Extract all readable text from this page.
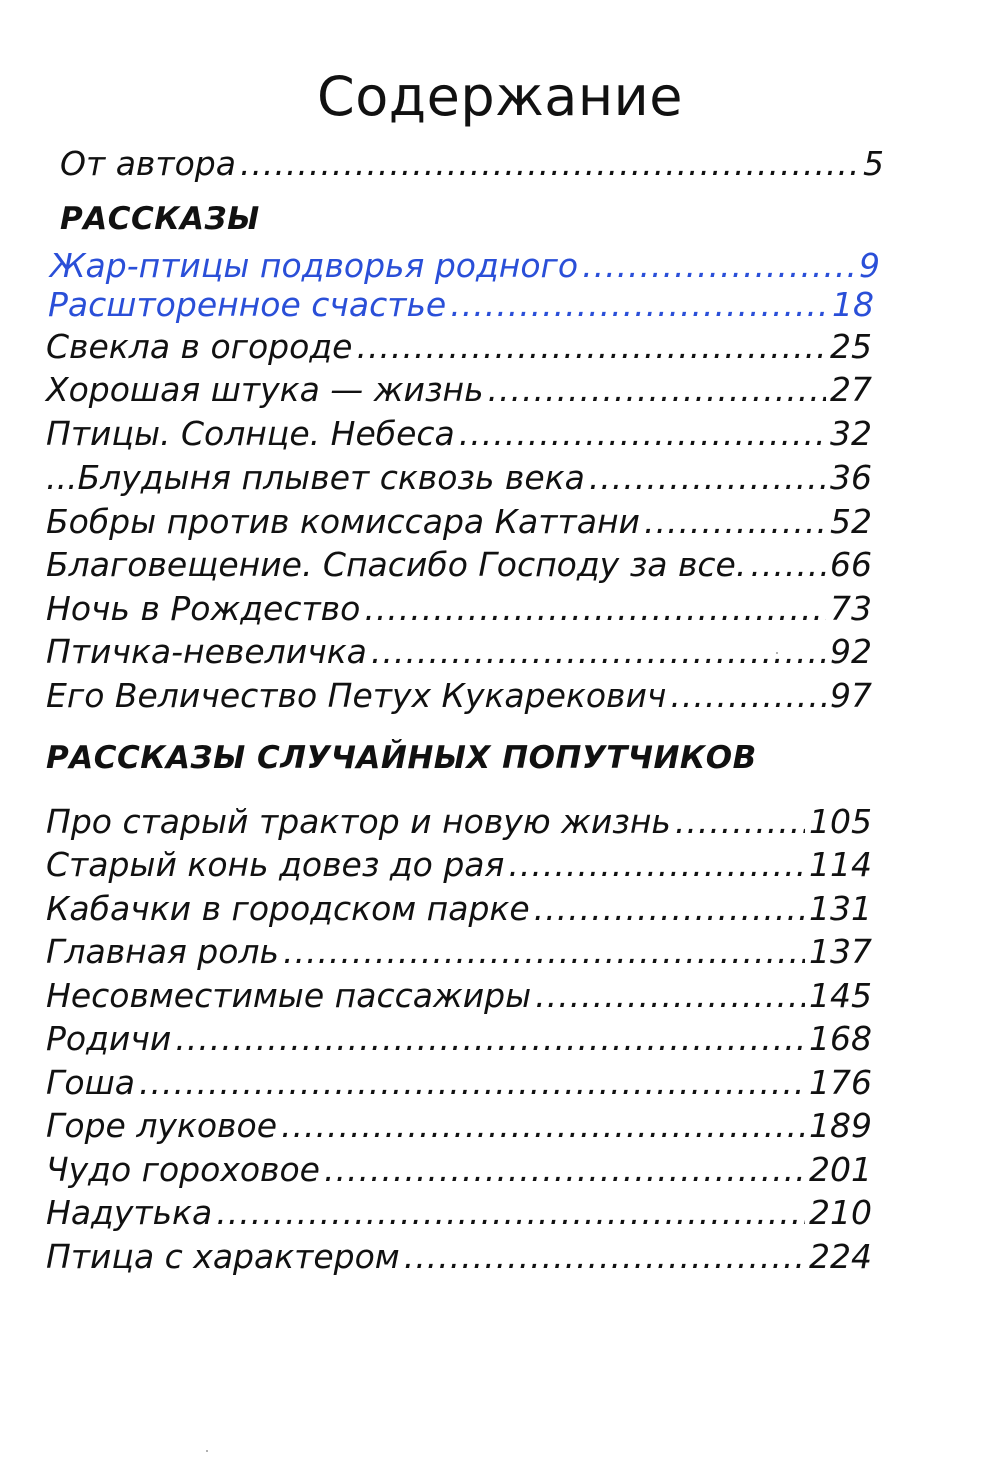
Содержание
От автора .....	5
РАССКАЗЫ
Жар-птицы подворья родного .....	9
Расшторенное счастье .....	18
Свекла в огороде .....	25
Хорошая штука — жизнь .....	27
Птицы. Солнце. Небеса .....	32
...Блудыня плывет сквозь века .....	36
Бобры против комиссара Каттани .....	52
Благовещение. Спасибо Господу за все. .....	66
Ночь в Рождество .....	73
Птичка-невеличка .....	92
Его Величество Петух Кукарекович .....	97
РАССКАЗЫ СЛУЧАЙНЫХ ПОПУТЧИКОВ
Про старый трактор и новую жизнь .....	105
Старый конь довез до рая .....	114
Кабачки в городском парке .....	131
Главная роль .....	137
Несовместимые пассажиры .....	145
Родичи .....	168
Гоша .....	176
Горе луковое .....	189
Чудо гороховое .....	201
Надутька .....	210
Птица с характером .....	224
